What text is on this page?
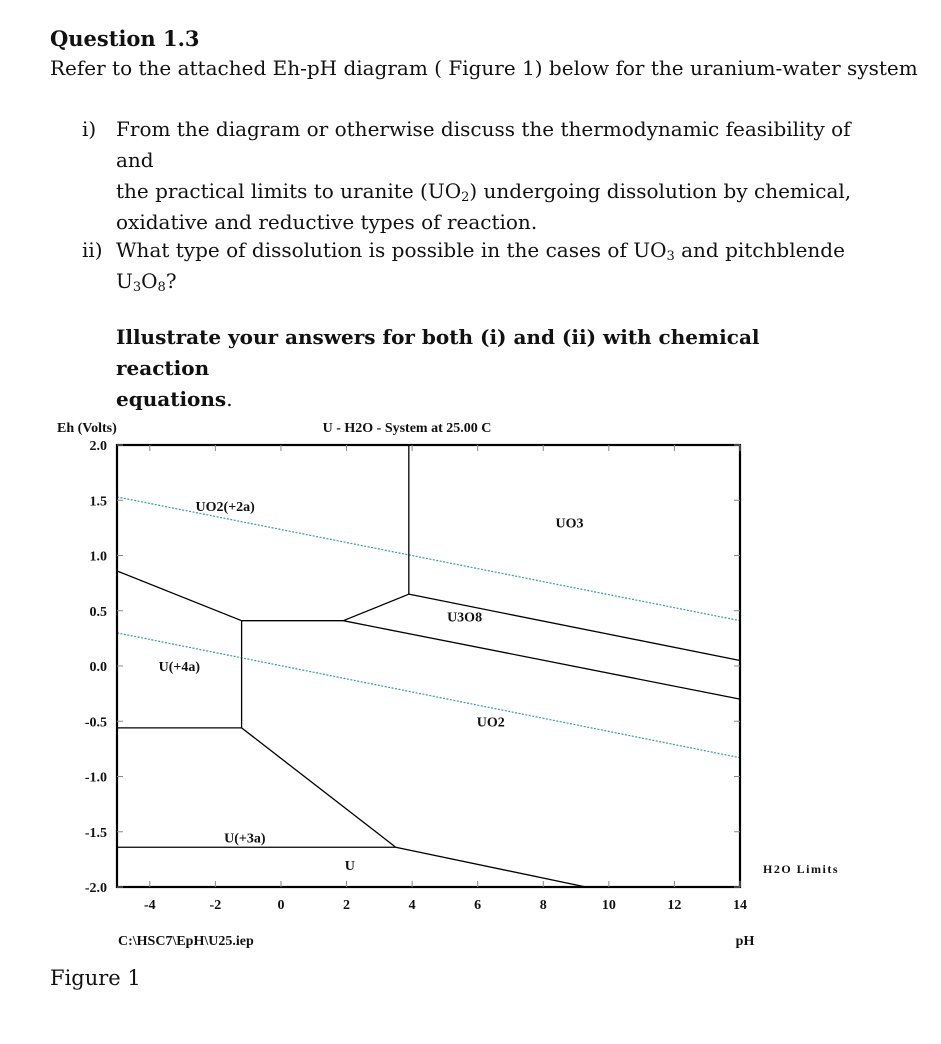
Question 1.3
Refer to the attached Eh-pH diagram ( Figure 1) below for the uranium-water system
i) From the diagram or otherwise discuss the thermodynamic feasibility of and
the practical limits to uranite $(UO_2)$ undergoing dissolution by chemical,
oxidative and reductive types of reaction.
ii) What type of dissolution is possible in the cases of $UO_3$ and pitchblende
$U_3O_8$?
Illustrate your answers for both (i) and (ii) with chemical reaction
equations.
-4	-2	0	2	4	6	8	10	12	14
2.0
1.5
1.0
0.5
0.0
-0.5
-1.0
-1.5
-2.0
UO2(+2a)
UO3
U3O8
UO2
U(+4a)
U(+3a)
U
Eh (Volts)	U - H2O - System at 25.00 C
pH
C:\HSC7\EpH\U25.iep
H2O Limits
Figure 1
